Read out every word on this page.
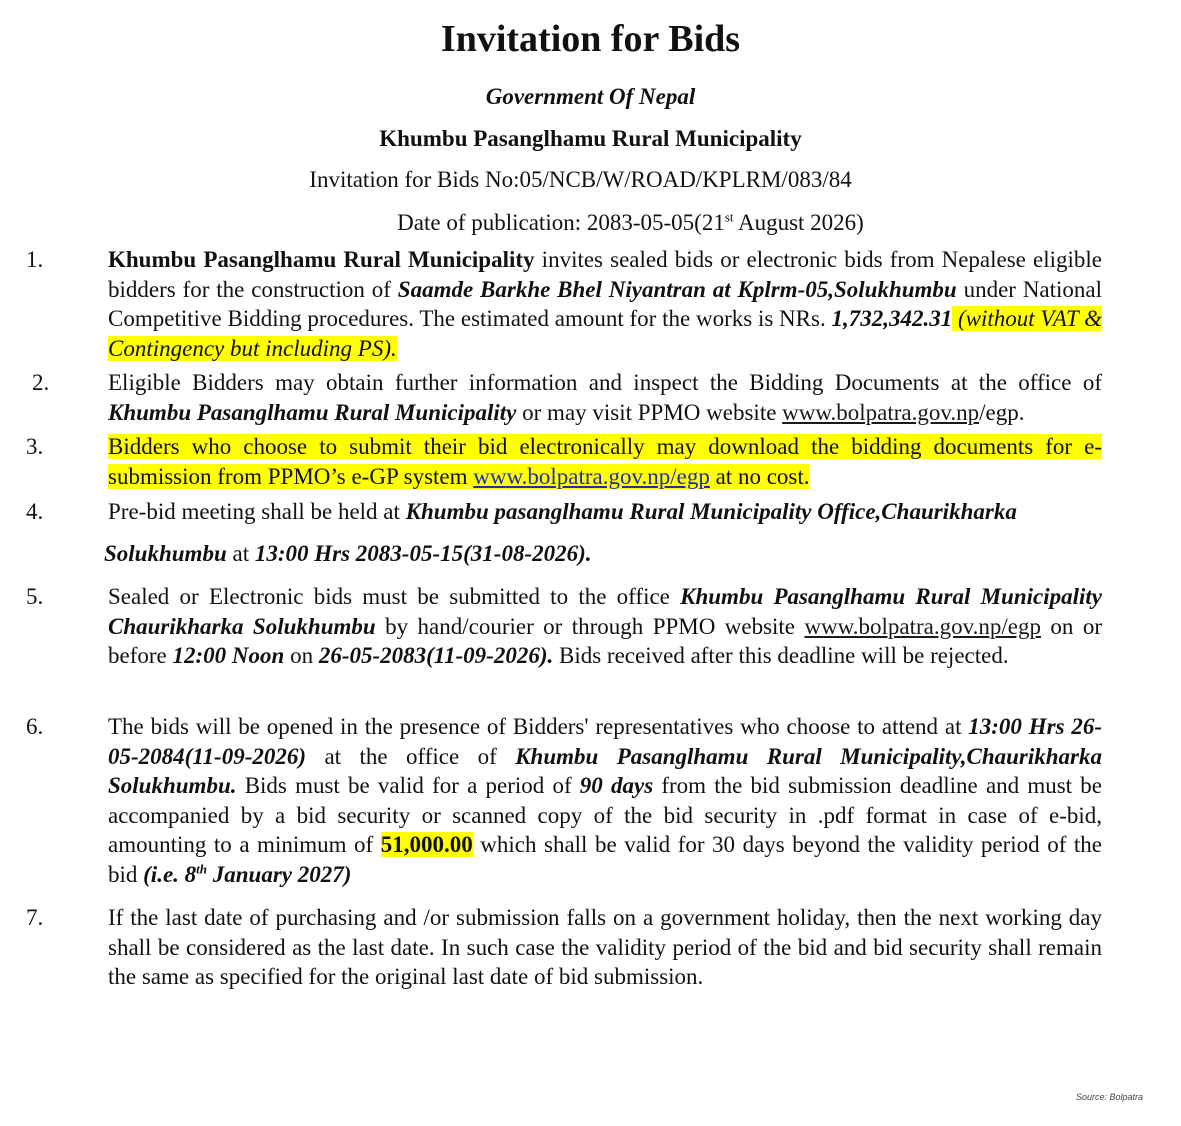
Invitation for Bids
Government Of Nepal
Khumbu Pasanglhamu Rural Municipality
Invitation for Bids No:05/NCB/W/ROAD/KPLRM/083/84
Date of publication: 2083-05-05(21st August 2026)
1.	Khumbu Pasanglhamu Rural Municipality invites sealed bids or electronic bids from Nepalese eligible bidders for the construction of Saamde Barkhe Bhel Niyantran at Kplrm-05,Solukhumbu under National Competitive Bidding procedures. The estimated amount for the works is NRs. 1,732,342.31 (without VAT & Contingency but including PS).
2.	Eligible Bidders may obtain further information and inspect the Bidding Documents at the office of Khumbu Pasanglhamu Rural Municipality or may visit PPMO website www.bolpatra.gov.np/egp.
3.	Bidders who choose to submit their bid electronically may download the bidding documents for e-submission from PPMO’s e-GP system www.bolpatra.gov.np/egp at no cost.
4.	Pre-bid meeting shall be held at Khumbu pasanglhamu Rural Municipality Office,Chaurikharka
Solukhumbu at 13:00 Hrs 2083-05-15(31-08-2026).
5.	Sealed or Electronic bids must be submitted to the office Khumbu Pasanglhamu Rural Municipality Chaurikharka Solukhumbu by hand/courier or through PPMO website www.bolpatra.gov.np/egp on or before 12:00 Noon on 26-05-2083(11-09-2026). Bids received after this deadline will be rejected.
6.	The bids will be opened in the presence of Bidders' representatives who choose to attend at 13:00 Hrs 26-05-2084(11-09-2026) at the office of Khumbu Pasanglhamu Rural Municipality,Chaurikharka Solukhumbu. Bids must be valid for a period of 90 days from the bid submission deadline and must be accompanied by a bid security or scanned copy of the bid security in .pdf format in case of e-bid, amounting to a minimum of 51,000.00 which shall be valid for 30 days beyond the validity period of the bid (i.e. 8th January 2027)
7.	If the last date of purchasing and /or submission falls on a government holiday, then the next working day shall be considered as the last date. In such case the validity period of the bid and bid security shall remain the same as specified for the original last date of bid submission.
Source: Bolpatra
